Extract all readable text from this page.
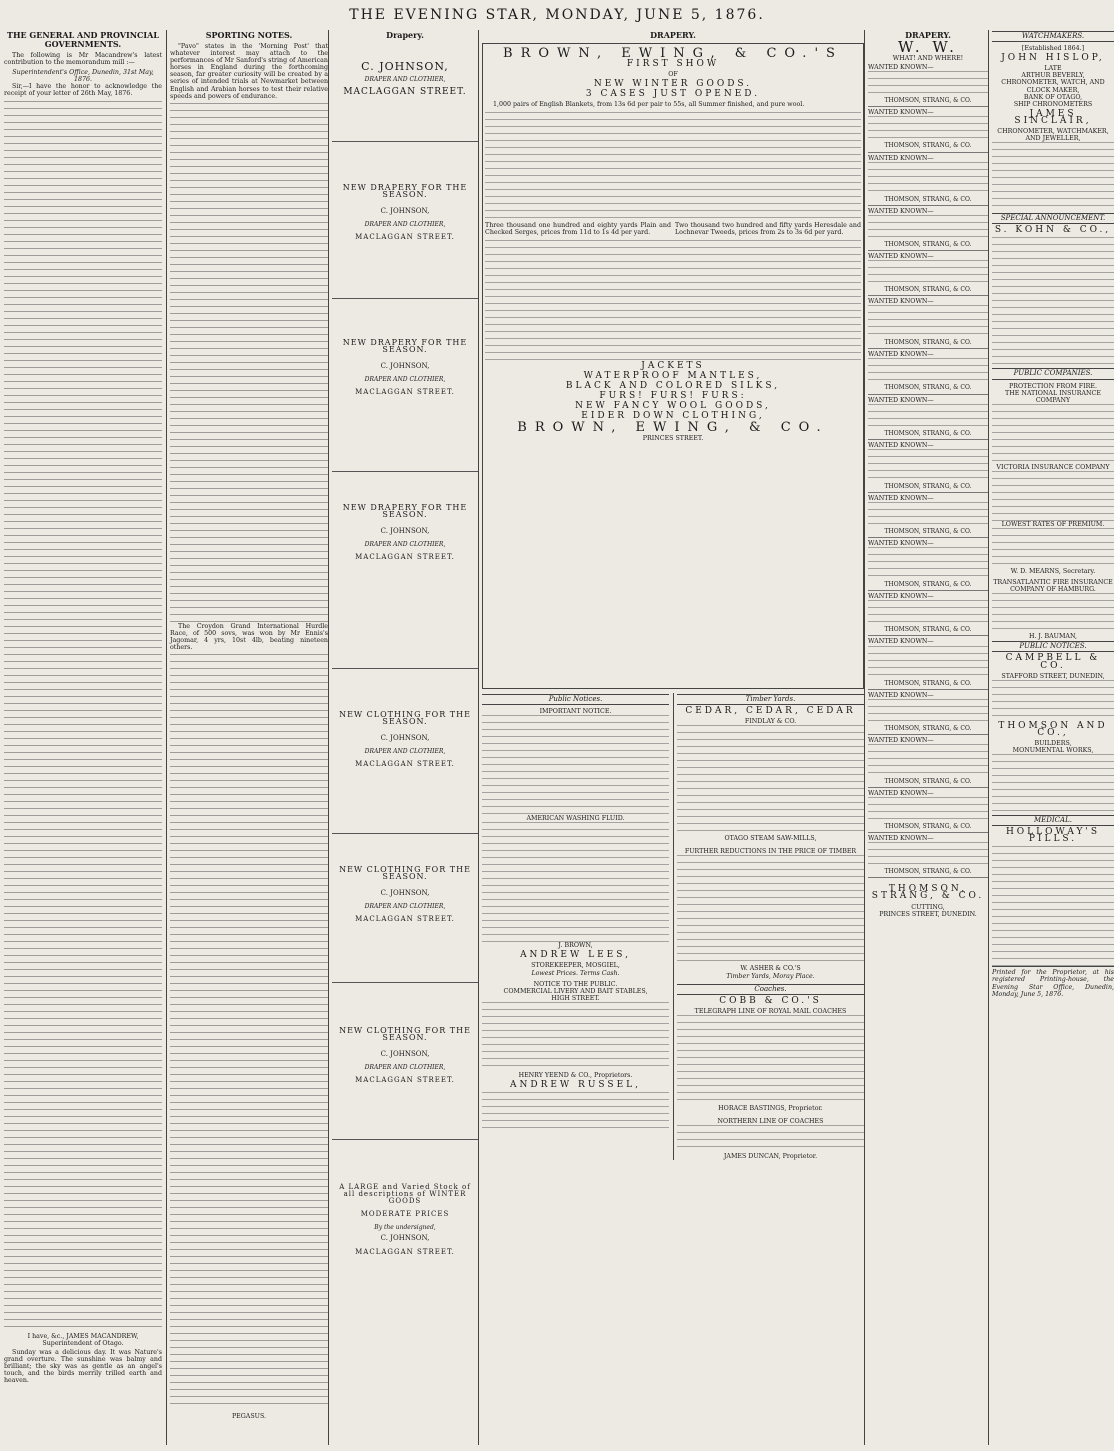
THE EVENING STAR, MONDAY, JUNE 5, 1876.
THE GENERAL AND PROVINCIAL GOVERNMENTS.

The following is Mr Macandrew's latest contribution to the memorandum mill :—

Superintendent's Office, Dunedin, 31st May, 1876.

Sir,—I have the honor to acknowledge the receipt of your letter of 26th May, 1876.

I have, &c., JAMES MACANDREW, Superintendent of Otago.

Sunday was a delicious day. It was Nature's grand overture. The sunshine was balmy and brilliant; the sky was as gentle as an angel's touch, and the birds merrily trilled earth and heaven.

SPORTING NOTES.

"Pavo" states in the 'Morning Post' that whatever interest may attach to the performances of Mr Sanford's string of American horses in England during the forthcoming season, far greater curiosity will be created by a series of intended trials at Newmarket between English and Arabian horses to test their relative speeds and powers of endurance.

The Croydon Grand International Hurdle Race, of 500 sovs, was won by Mr Ennis's Jagomar, 4 yrs, 10st 4lb, beating nineteen others.

PEGASUS.
Drapery.
C. JOHNSON,
DRAPER AND CLOTHIER,
MACLAGGAN STREET.
NEW DRAPERY FOR THE SEASON.
C. JOHNSON,
DRAPER AND CLOTHIER,
MACLAGGAN STREET.
NEW DRAPERY FOR THE SEASON.
C. JOHNSON,
DRAPER AND CLOTHIER,
MACLAGGAN STREET.
NEW DRAPERY FOR THE SEASON.
C. JOHNSON,
DRAPER AND CLOTHIER,
MACLAGGAN STREET.
NEW CLOTHING FOR THE SEASON.
C. JOHNSON,
DRAPER AND CLOTHIER,
MACLAGGAN STREET.
NEW CLOTHING FOR THE SEASON.
C. JOHNSON,
DRAPER AND CLOTHIER,
MACLAGGAN STREET.
NEW CLOTHING FOR THE SEASON.
C. JOHNSON,
DRAPER AND CLOTHIER,
MACLAGGAN STREET.
A LARGE and Varied Stock of all descriptions of WINTER GOODS
MODERATE PRICES
By the undersigned,
C. JOHNSON,
MACLAGGAN STREET.
DRAPERY.
BROWN, EWING, & CO.'S
FIRST SHOW
OF
NEW WINTER GOODS.
3 CASES JUST OPENED.

1,000 pairs of English Blankets, from 13s 6d per pair to 55s, all Summer finished, and pure wool.

Three thousand one hundred and eighty yards Plain and Checked Serges, prices from 11d to 1s 4d per yard.
Two thousand two hundred and fifty yards Heresdale and Lochnevar Tweeds, prices from 2s to 3s 6d per yard.
JACKETS
WATERPROOF MANTLES,
BLACK AND COLORED SILKS,
FURS! FURS! FURS:
NEW FANCY WOOL GOODS,
EIDER DOWN CLOTHING,
BROWN, EWING, & CO.
PRINCES STREET.
Public Notices.
IMPORTANT NOTICE.
AMERICAN WASHING FLUID.
J. BROWN,
ANDREW LEES,
STOREKEEPER, MOSGIEL,
Lowest Prices. Terms Cash.
NOTICE TO THE PUBLIC.
COMMERCIAL LIVERY AND BAIT STABLES,
HIGH STREET.
HENRY YEEND & CO., Proprietors.
ANDREW RUSSEL,
Timber Yards.
CEDAR, CEDAR, CEDAR
FINDLAY & CO.
OTAGO STEAM SAW-MILLS,
FURTHER REDUCTIONS IN THE PRICE OF TIMBER
W. ASHER & CO.'S
Timber Yards, Moray Place.
Coaches.
COBB & CO.'S
TELEGRAPH LINE OF ROYAL MAIL COACHES
HORACE BASTINGS, Proprietor.
NORTHERN LINE OF COACHES
JAMES DUNCAN, Proprietor.
DRAPERY.
W. W.
WHAT! AND WHERE!
WANTED KNOWN—
THOMSON, STRANG, & CO.
WANTED KNOWN—
THOMSON, STRANG, & CO.
WANTED KNOWN—
THOMSON, STRANG, & CO.
WANTED KNOWN—
THOMSON, STRANG, & CO.
WANTED KNOWN—
THOMSON, STRANG, & CO.
WANTED KNOWN—
THOMSON, STRANG, & CO.
WANTED KNOWN—
THOMSON, STRANG, & CO.
WANTED KNOWN—
THOMSON, STRANG, & CO.
WANTED KNOWN—
THOMSON, STRANG, & CO.
WANTED KNOWN—
THOMSON, STRANG, & CO.
WANTED KNOWN—
THOMSON, STRANG, & CO.
WANTED KNOWN—
THOMSON, STRANG, & CO.
WANTED KNOWN—
THOMSON, STRANG, & CO.
WANTED KNOWN—
THOMSON, STRANG, & CO.
WANTED KNOWN—
THOMSON, STRANG, & CO.
WANTED KNOWN—
THOMSON, STRANG, & CO.
WANTED KNOWN—
THOMSON, STRANG, & CO.
THOMSON, STRANG, & CO.
CUTTING,
PRINCES STREET, DUNEDIN.
WATCHMAKERS.
[Established 1864.]
JOHN HISLOP,
LATE
ARTHUR BEVERLY,
CHRONOMETER, WATCH, AND CLOCK MAKER,
BANK OF OTAGO,
SHIP CHRONOMETERS
JAMES SINCLAIR,
CHRONOMETER, WATCHMAKER, AND JEWELLER,
SPECIAL ANNOUNCEMENT.
S. KOHN & CO.,
PUBLIC COMPANIES.
PROTECTION FROM FIRE.
THE NATIONAL INSURANCE COMPANY
VICTORIA INSURANCE COMPANY
LOWEST RATES OF PREMIUM.
W. D. MEARNS, Secretary.
TRANSATLANTIC FIRE INSURANCE COMPANY OF HAMBURG.
H. J. BAUMAN,
PUBLIC NOTICES.
CAMPBELL & CO.
STAFFORD STREET, DUNEDIN,
THOMSON AND CO.,
BUILDERS,
MONUMENTAL WORKS,
MEDICAL.
HOLLOWAY'S PILLS.
Printed for the Proprietor, at his registered Printing-house, the Evening Star Office, Dunedin, Monday, June 5, 1876.
